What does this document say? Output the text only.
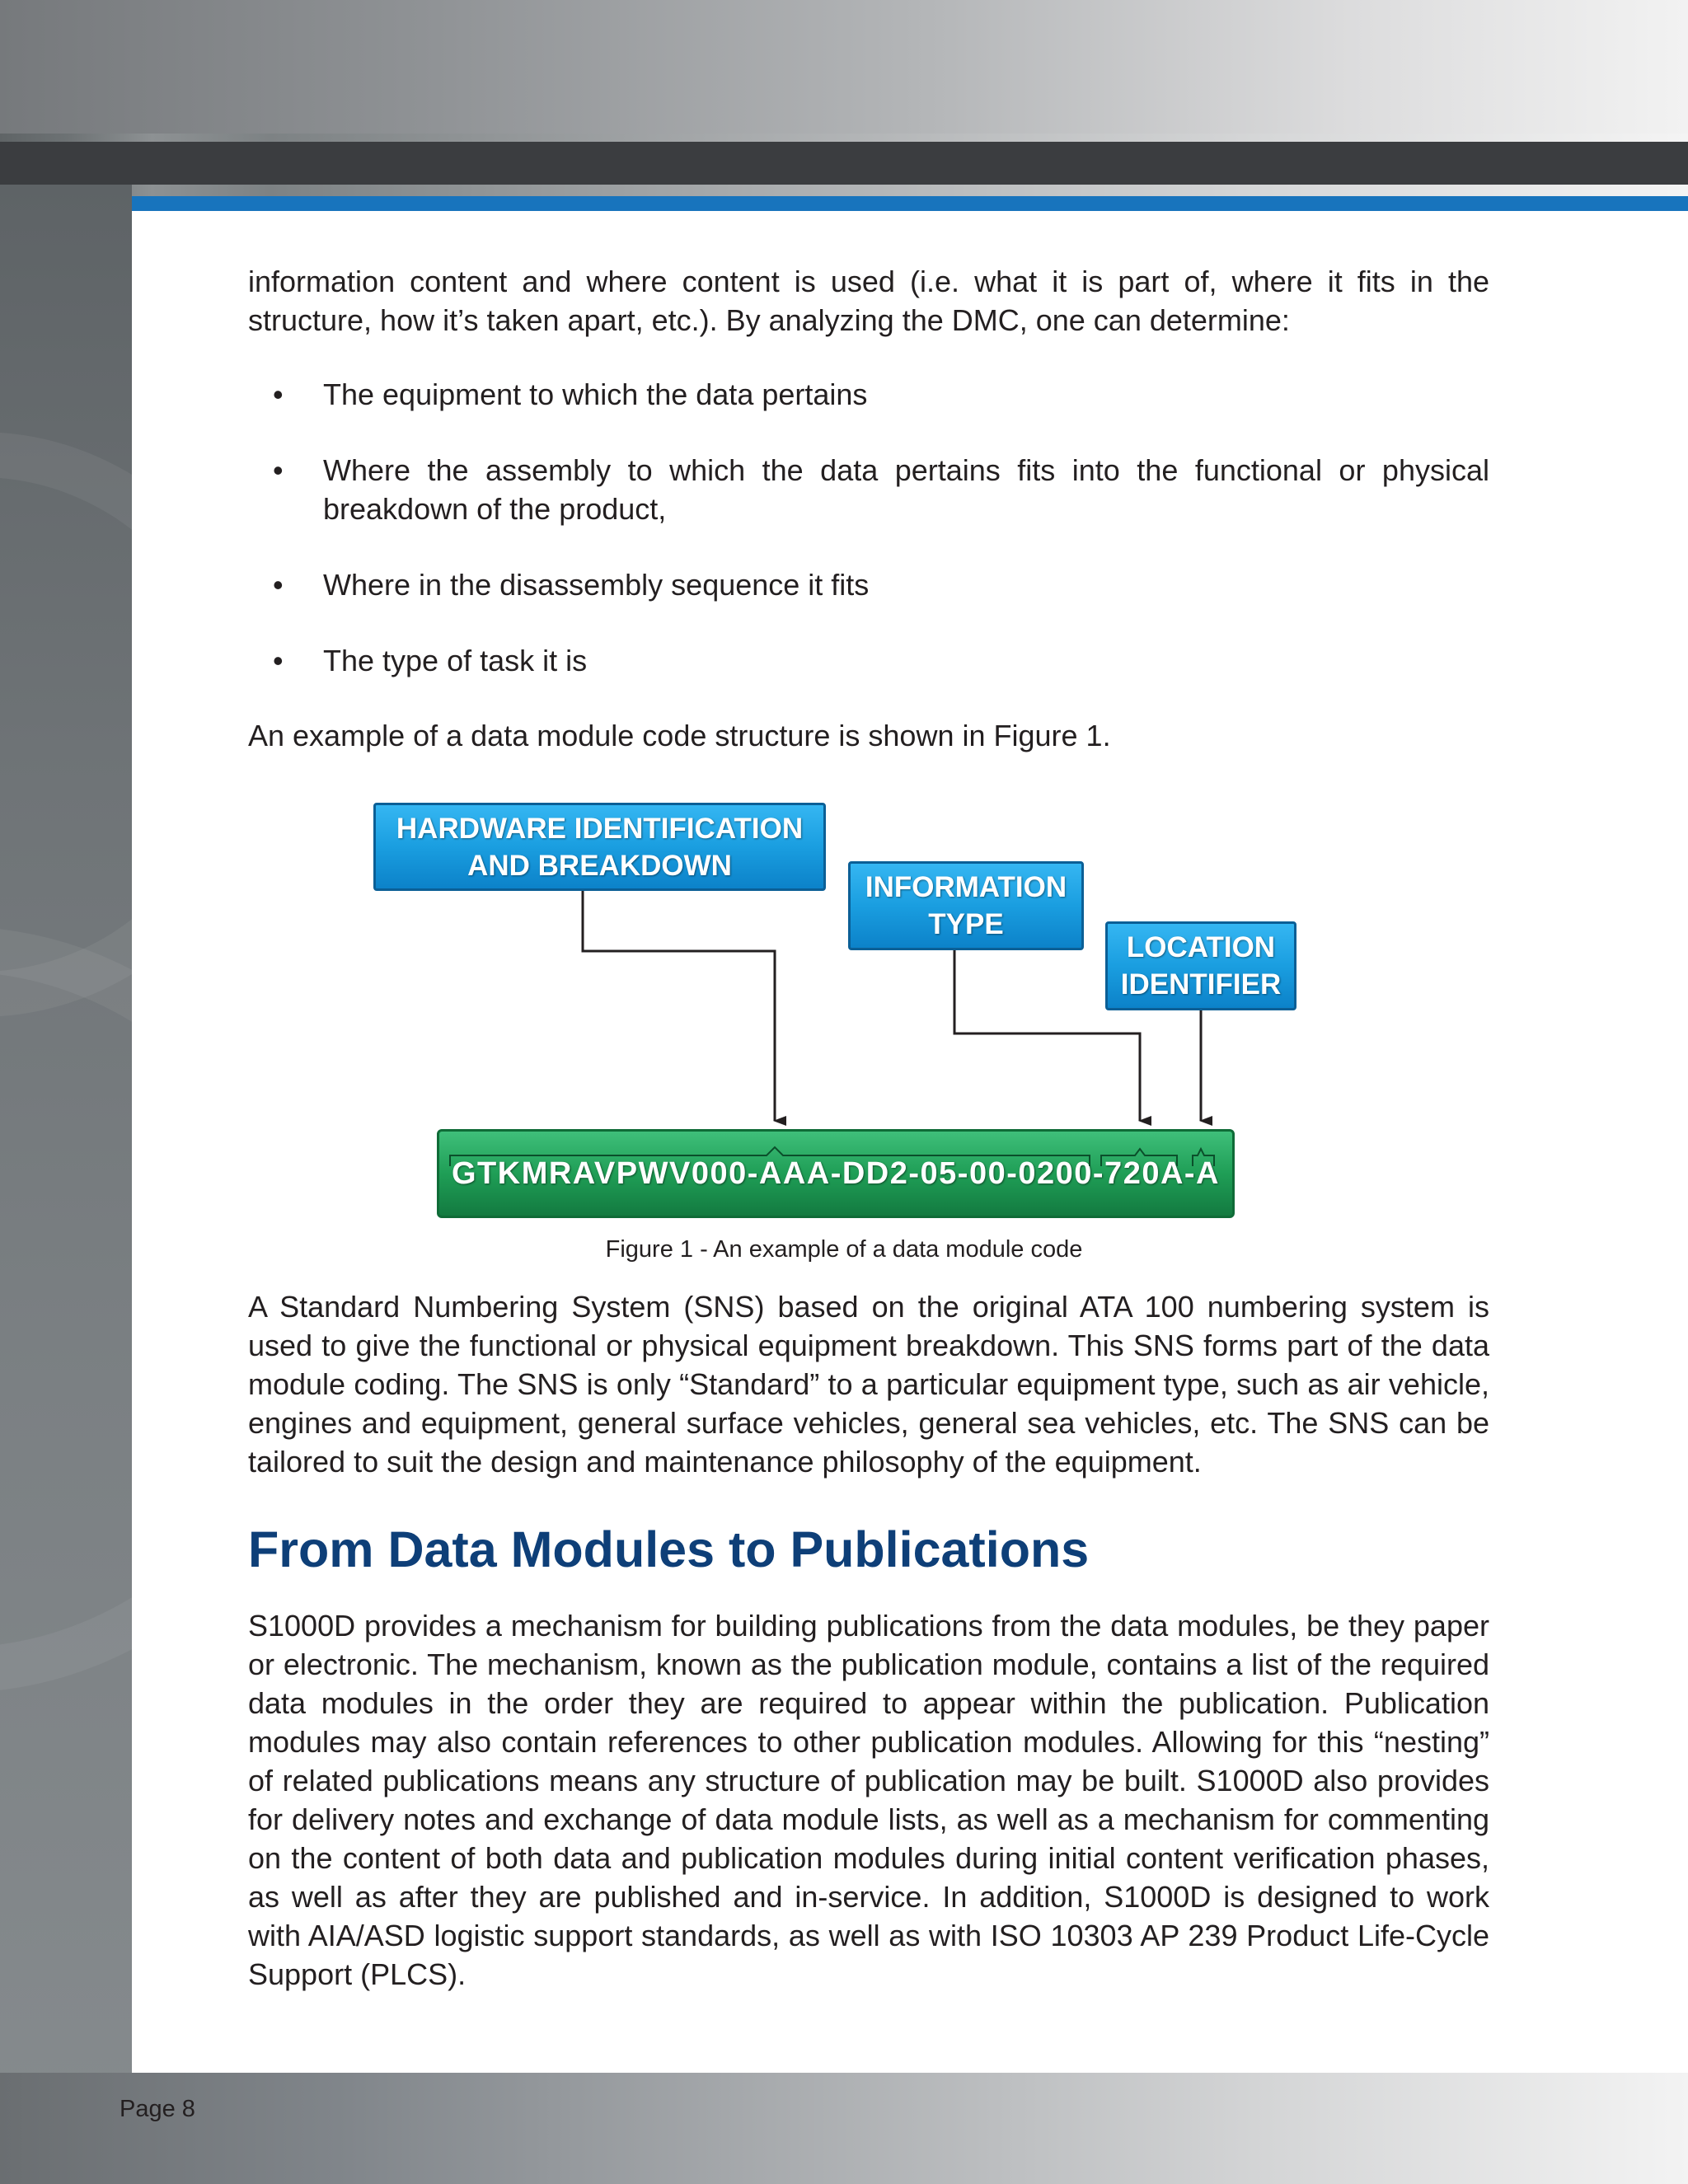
information content and where content is used (i.e. what it is part of, where it fits in the structure, how it’s taken apart, etc.). By analyzing the DMC, one can determine:

• The equipment to which the data pertains
• Where the assembly to which the data pertains fits into the functional or physical breakdown of the product,
• Where in the disassembly sequence it fits
• The type of task it is

An example of a data module code structure is shown in Figure 1.

A Standard Numbering System (SNS) based on the original ATA 100 numbering system is used to give the functional or physical equipment breakdown. This SNS forms part of the data module coding. The SNS is only “Standard” to a particular equipment type, such as air vehicle, engines and equipment, general surface vehicles, general sea vehicles, etc. The SNS can be tailored to suit the design and maintenance philosophy of the equipment.

From Data Modules to Publications

S1000D provides a mechanism for building publications from the data modules, be they paper or electronic. The mechanism, known as the publication module, contains a list of the required data modules in the order they are required to appear within the publication. Publication modules may also contain references to other publication modules. Allowing for this “nesting” of related publications means any structure of publication may be built. S1000D also provides for delivery notes and exchange of data module lists, as well as a mechanism for commenting on the content of both data and publication modules during initial content verification phases, as well as after they are published and in-service. In addition, S1000D is designed to work with AIA/ASD logistic support standards, as well as with ISO 10303 AP 239 Product Life-Cycle Support (PLCS).

HARDWARE IDENTIFICATION AND BREAKDOWN
INFORMATION TYPE
LOCATION IDENTIFIER
GTKMRAVPWV000-AAA-DD2-05-00-0200-720A-A
Figure 1 - An example of a data module code
Page 8
